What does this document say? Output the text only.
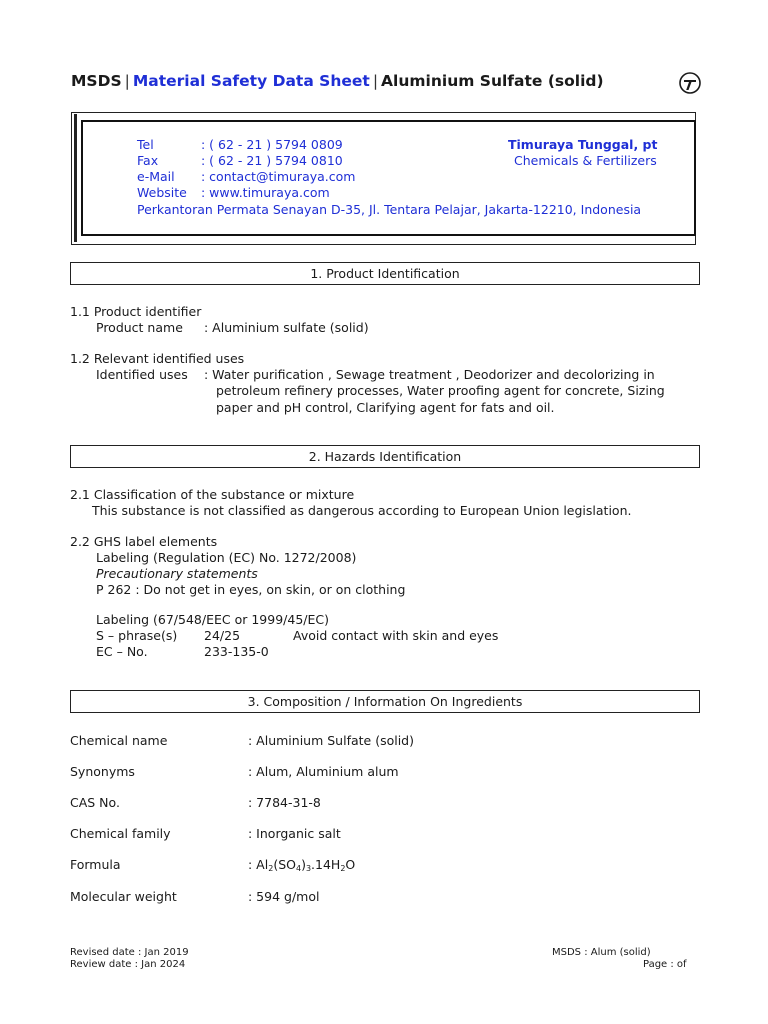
MSDS | Material Safety Data Sheet | Aluminium Sulfate (solid)
Tel	: ( 62 - 21 ) 5794 0809
Fax	: ( 62 - 21 ) 5794 0810
e-Mail : contact@timuraya.com
Website : www.timuraya.com
Perkantoran Permata Senayan D-35, Jl. Tentara Pelajar, Jakarta-12210, Indonesia
Timuraya Tunggal, pt
Chemicals & Fertilizers
1. Product Identification
1.1 Product identifier
Product name : Aluminium sulfate (solid)
1.2 Relevant identified uses
Identified uses : Water purification , Sewage treatment , Deodorizer and decolorizing in
petroleum refinery processes, Water proofing agent for concrete, Sizing
paper and pH control, Clarifying agent for fats and oil.
2. Hazards Identification
2.1 Classification of the substance or mixture
This substance is not classified as dangerous according to European Union legislation.
2.2 GHS label elements
Labeling (Regulation (EC) No. 1272/2008)
Precautionary statements
P 262 : Do not get in eyes, on skin, or on clothing
Labeling (67/548/EEC or 1999/45/EC)
S – phrase(s) 24/25	Avoid contact with skin and eyes
EC – No.	233-135-0
3. Composition / Information On Ingredients
Chemical name	: Aluminium Sulfate (solid)
Synonyms	: Alum, Aluminium alum
CAS No.	: 7784-31-8
Chemical family	: Inorganic salt
Formula	: $Al_2(SO_4)_3.14H_2O$
Molecular weight	: 594 g/mol
Revised date : Jan 2019
Review date : Jan 2024
MSDS : Alum (solid)
Page : of
